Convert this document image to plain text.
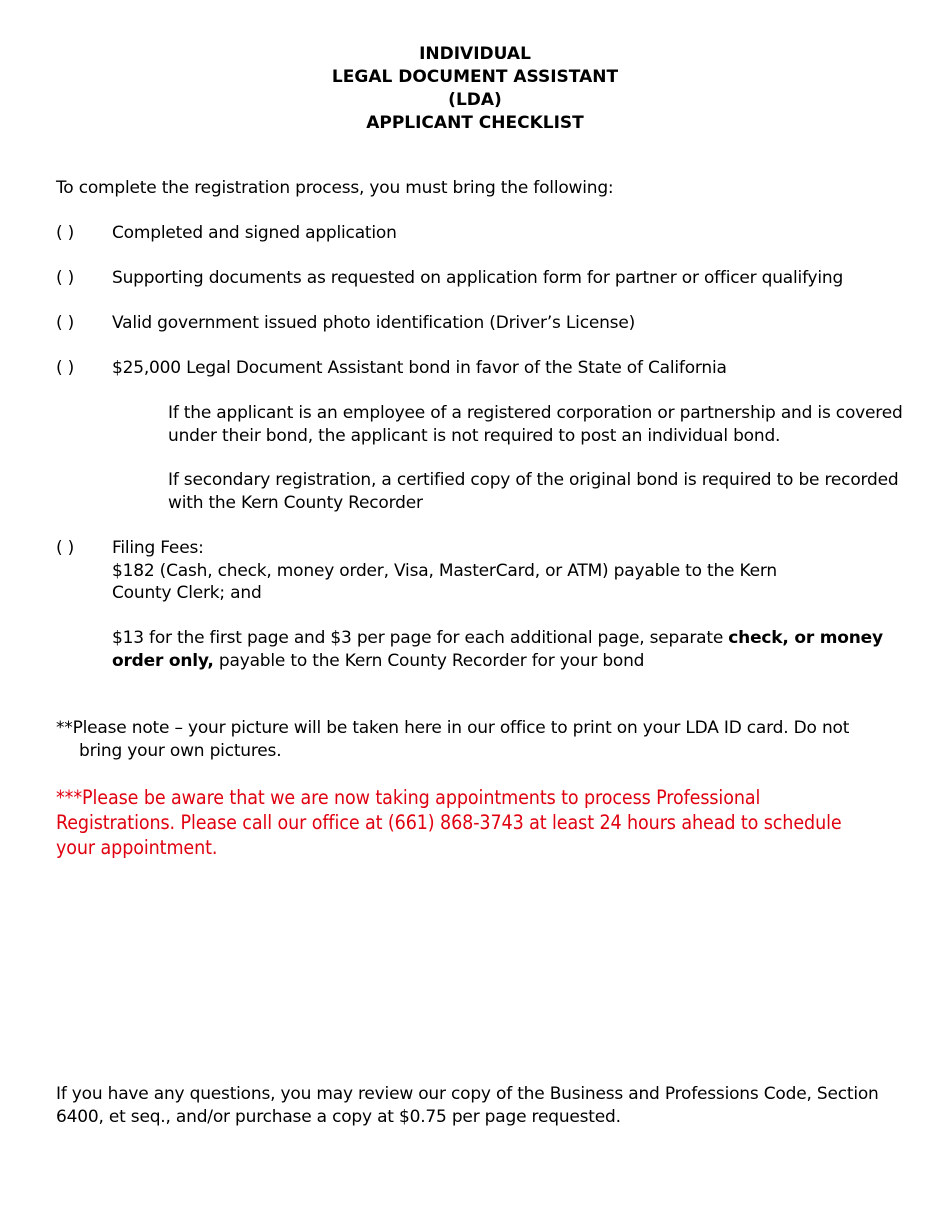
INDIVIDUAL
LEGAL DOCUMENT ASSISTANT
(LDA)
APPLICANT CHECKLIST
To complete the registration process, you must bring the following:
( ) Completed and signed application
( ) Supporting documents as requested on application form for partner or officer qualifying
( ) Valid government issued photo identification (Driver’s License)
( ) $25,000 Legal Document Assistant bond in favor of the State of California
If the applicant is an employee of a registered corporation or partnership and is covered
under their bond, the applicant is not required to post an individual bond.
If secondary registration, a certified copy of the original bond is required to be recorded
with the Kern County Recorder
( ) Filing Fees:
$182 (Cash, check, money order, Visa, MasterCard, or ATM) payable to the Kern
County Clerk; and
$13 for the first page and $3 per page for each additional page, separate check, or money
order only, payable to the Kern County Recorder for your bond
**Please note – your picture will be taken here in our office to print on your LDA ID card. Do not
bring your own pictures.
***Please be aware that we are now taking appointments to process Professional
Registrations. Please call our office at (661) 868-3743 at least 24 hours ahead to schedule
your appointment.
If you have any questions, you may review our copy of the Business and Professions Code, Section
6400, et seq., and/or purchase a copy at $0.75 per page requested.
